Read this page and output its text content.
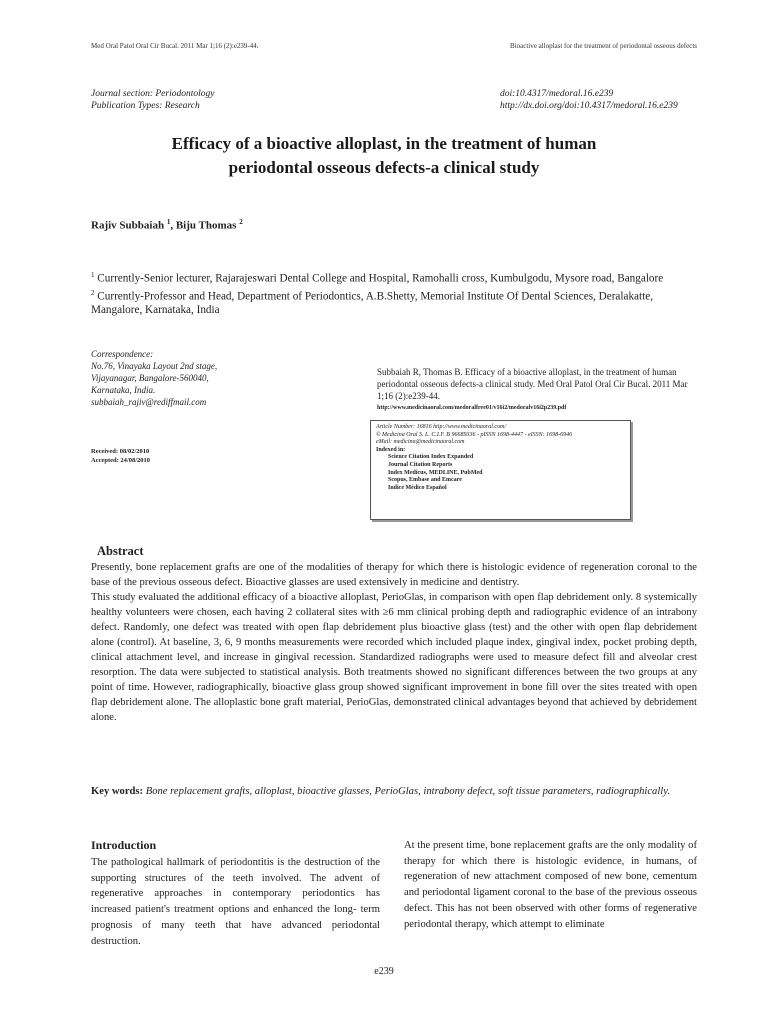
Med Oral Patol Oral Cir Bucal. 2011 Mar 1;16 (2):e239-44.	Bioactive alloplast for the treatment of periodontal osseous defects
Journal section: Periodontology
Publication Types: Research
doi:10.4317/medoral.16.e239
http://dx.doi.org/doi:10.4317/medoral.16.e239
Efficacy of a bioactive alloplast, in the treatment of human
periodontal osseous defects-a clinical study
Rajiv Subbaiah $^1$, Biju Thomas $^2$
$^1$ Currently-Senior lecturer, Rajarajeswari Dental College and Hospital, Ramohalli cross, Kumbulgodu, Mysore road, Bangalore
$^2$ Currently-Professor and Head, Department of Periodontics, A.B.Shetty, Memorial Institute Of Dental Sciences, Deralakatte, Mangalore, Karnataka, India
Correspondence:
No.76, Vinayaka Layout 2nd stage,
Vijayanagar, Bangalore-560040,
Karnataka, India.
subbaiah_rajiv@rediffmail.com
Received: 08/02/2010
Accepted: 24/08/2010
Subbaiah R, Thomas B. Efficacy of a bioactive alloplast, in the treatment of human periodontal osseous defects-a clinical study. Med Oral Patol Oral Cir Bucal. 2011 Mar 1;16 (2):e239-44.
http://www.medicinaoral.com/medoralfree01/v16i2/medoralv16i2p239.pdf
Article Number: 16816 http://www.medicinaoral.com/
© Medicina Oral S. L. C.I.F. B 96689336 - pISSN 1698-4447 - eISSN: 1698-6946
eMail: medicina@medicinaoral.com
Indexed in:
Science Citation Index Expanded
Journal Citation Reports
Index Medicus, MEDLINE, PubMed
Scopus, Embase and Emcare
Indice Médico Español
Abstract

Presently, bone replacement grafts are one of the modalities of therapy for which there is histologic evidence of regeneration coronal to the base of the previous osseous defect. Bioactive glasses are used extensively in medicine and dentistry.

This study evaluated the additional efficacy of a bioactive alloplast, PerioGlas, in comparison with open flap debridement only. 8 systemically healthy volunteers were chosen, each having 2 collateral sites with ≥6 mm clinical probing depth and radiographic evidence of an intrabony defect. Randomly, one defect was treated with open flap debridement plus bioactive glass (test) and the other with open flap debridement alone (control). At baseline, 3, 6, 9 months measurements were recorded which included plaque index, gingival index, pocket probing depth, clinical attachment level, and increase in gingival recession. Standardized radiographs were used to measure defect fill and alveolar crest resorption. The data were subjected to statistical analysis. Both treatments showed no significant differences between the two groups at any point of time. However, radiographically, bioactive glass group showed significant improvement in bone fill over the sites treated with open flap debridement alone. The alloplastic bone graft material, PerioGlas, demonstrated clinical advantages beyond that achieved by debridement alone.

Key words: Bone replacement grafts, alloplast, bioactive glasses, PerioGlas, intrabony defect, soft tissue parameters, radiographically.
Introduction
The pathological hallmark of periodontitis is the destruction of the supporting structures of the teeth involved. The advent of regenerative approaches in contemporary periodontics has increased patient's treatment options and enhanced the long- term prognosis of many teeth that have advanced periodontal destruction.
At the present time, bone replacement grafts are the only modality of therapy for which there is histologic evidence, in humans, of regeneration of new attachment composed of new bone, cementum and periodontal ligament coronal to the base of the previous osseous defect. This has not been observed with other forms of regenerative periodontal therapy, which attempt to eliminate
e239
